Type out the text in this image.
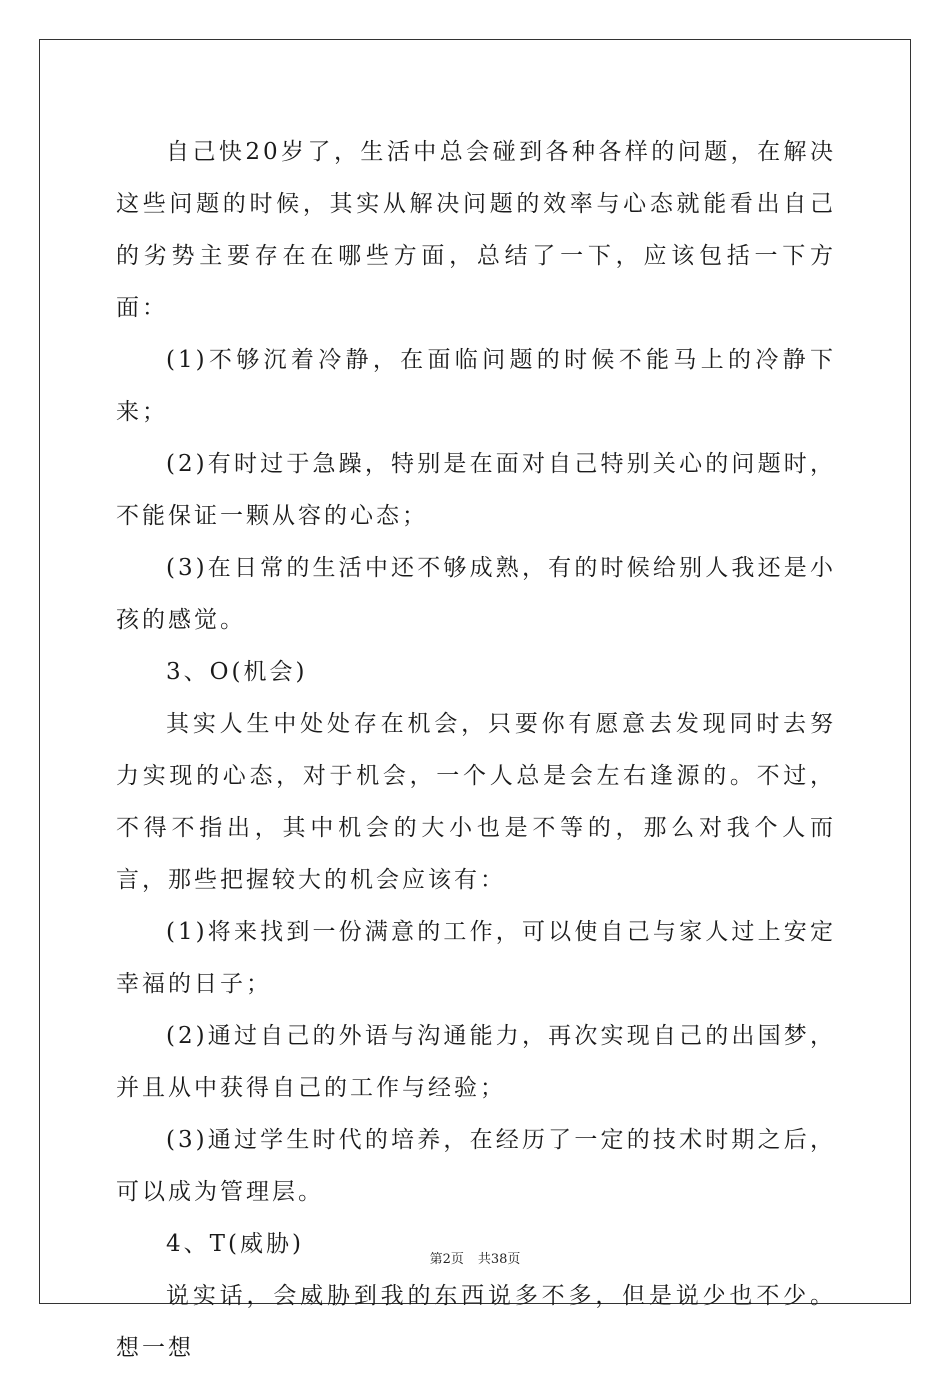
自己快20岁了，生活中总会碰到各种各样的问题，在解决这些问题的时候，其实从解决问题的效率与心态就能看出自己的劣势主要存在在哪些方面，总结了一下，应该包括一下方面：

(1)不够沉着冷静，在面临问题的时候不能马上的冷静下来；

(2)有时过于急躁，特别是在面对自己特别关心的问题时，不能保证一颗从容的心态；

(3)在日常的生活中还不够成熟，有的时候给别人我还是小孩的感觉。

3、O(机会)

其实人生中处处存在机会，只要你有愿意去发现同时去努力实现的心态，对于机会，一个人总是会左右逢源的。不过，不得不指出，其中机会的大小也是不等的，那么对我个人而言，那些把握较大的机会应该有：

(1)将来找到一份满意的工作，可以使自己与家人过上安定幸福的日子；

(2)通过自己的外语与沟通能力，再次实现自己的出国梦，并且从中获得自己的工作与经验；

(3)通过学生时代的培养，在经历了一定的技术时期之后，可以成为管理层。

4、T(威胁)

说实话，会威胁到我的东西说多不多，但是说少也不少。想一想

第2页 共38页
